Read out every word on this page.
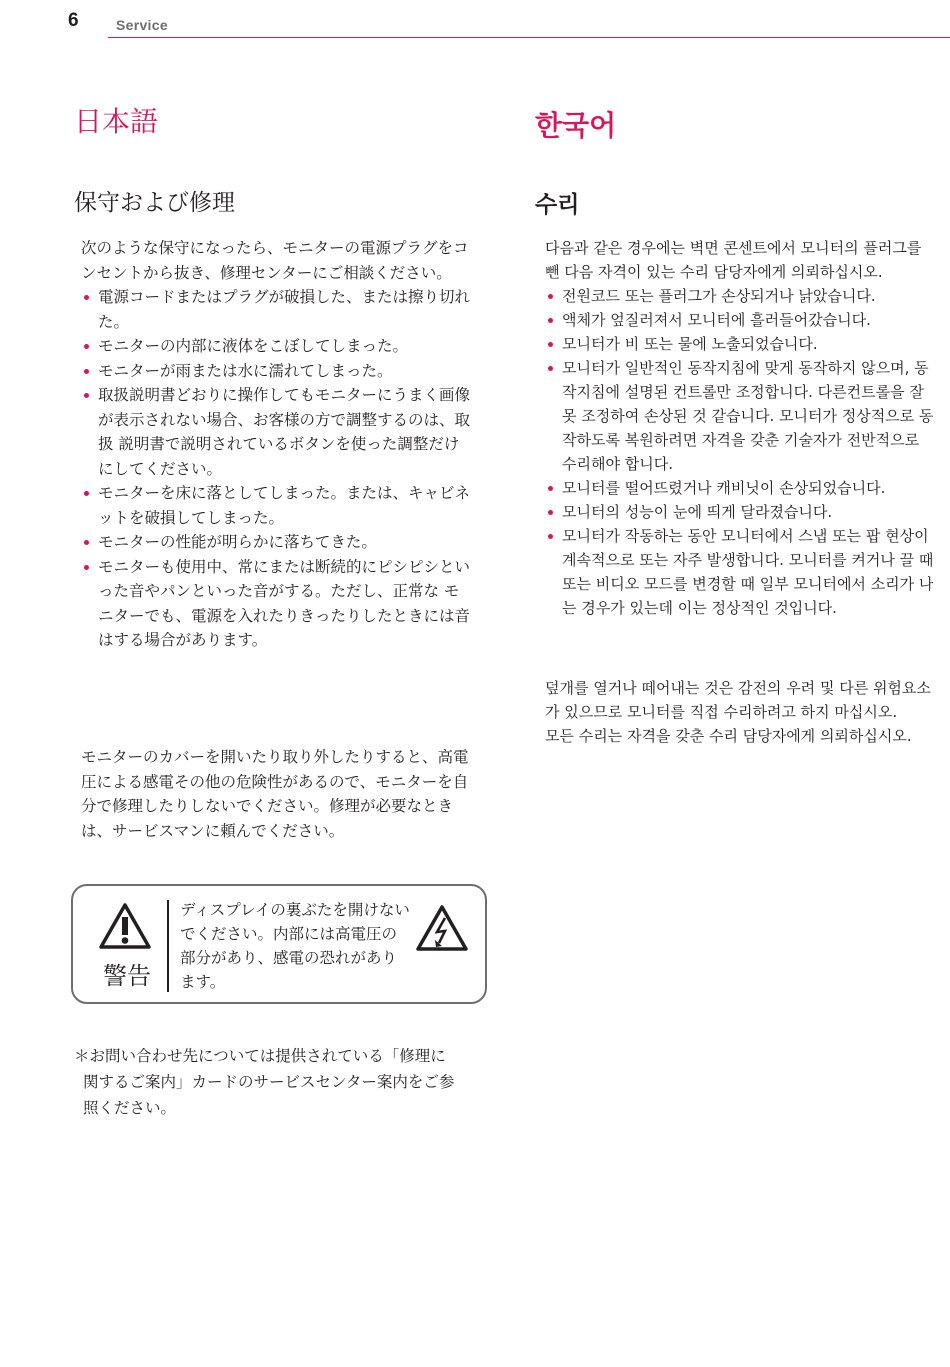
6	Service
日本語
保守および修理

次のような保守になったら、モニターの電源プラグをコンセントから抜き、修理センターにご相談ください。

電源コードまたはプラグが破損した、または擦り切れた。
モニターの内部に液体をこぼしてしまった。
モニターが雨または水に濡れてしまった。
取扱説明書どおりに操作してもモニターにうまく画像が表示されない場合、お客様の方で調整するのは、取扱 説明書で説明されているボタンを使った調整だけにしてください。
モニターを床に落としてしまった。または、キャビネットを破損してしまった。
モニターの性能が明らかに落ちてきた。
モニターも使用中、常にまたは断続的にピシピシといった音やパンといった音がする。ただし、正常な モニターでも、電源を入れたりきったりしたときには音はする場合があります。

モニターのカバーを開いたり取り外したりすると、高電圧による感電その他の危険性があるので、モニターを自分で修理したりしないでください。修理が必要なときは、サービスマンに頼んでください。

警告
ディスプレイの裏ぶたを開けないでください。内部には高電圧の部分があり、感電の恐れがあります。
＊お問い合わせ先については提供されている「修理に
関するご案内」カードのサービスセンター案内をご参
照ください。
한국어
수리

다음과 같은 경우에는 벽면 콘센트에서 모니터의 플러그를 뺀 다음 자격이 있는 수리 담당자에게 의뢰하십시오.

전원코드 또는 플러그가 손상되거나 낡았습니다.
액체가 엎질러져서 모니터에 흘러들어갔습니다.
모니터가 비 또는 물에 노출되었습니다.
모니터가 일반적인 동작지침에 맞게 동작하지 않으며, 동작지침에 설명된 컨트롤만 조정합니다. 다른컨트롤을 잘못 조정하여 손상된 것 같습니다. 모니터가 정상적으로 동작하도록 복원하려면 자격을 갖춘 기술자가 전반적으로 수리해야 합니다.
모니터를 떨어뜨렸거나 캐비닛이 손상되었습니다.
모니터의 성능이 눈에 띄게 달라졌습니다.
모니터가 작동하는 동안 모니터에서 스냅 또는 팝 현상이 계속적으로 또는 자주 발생합니다. 모니터를 켜거나 끌 때 또는 비디오 모드를 변경할 때 일부 모니터에서 소리가 나는 경우가 있는데 이는 정상적인 것입니다.

덮개를 열거나 떼어내는 것은 감전의 우려 및 다른 위험요소가 있으므로 모니터를 직접 수리하려고 하지 마십시오.

모든 수리는 자격을 갖춘 수리 담당자에게 의뢰하십시오.
